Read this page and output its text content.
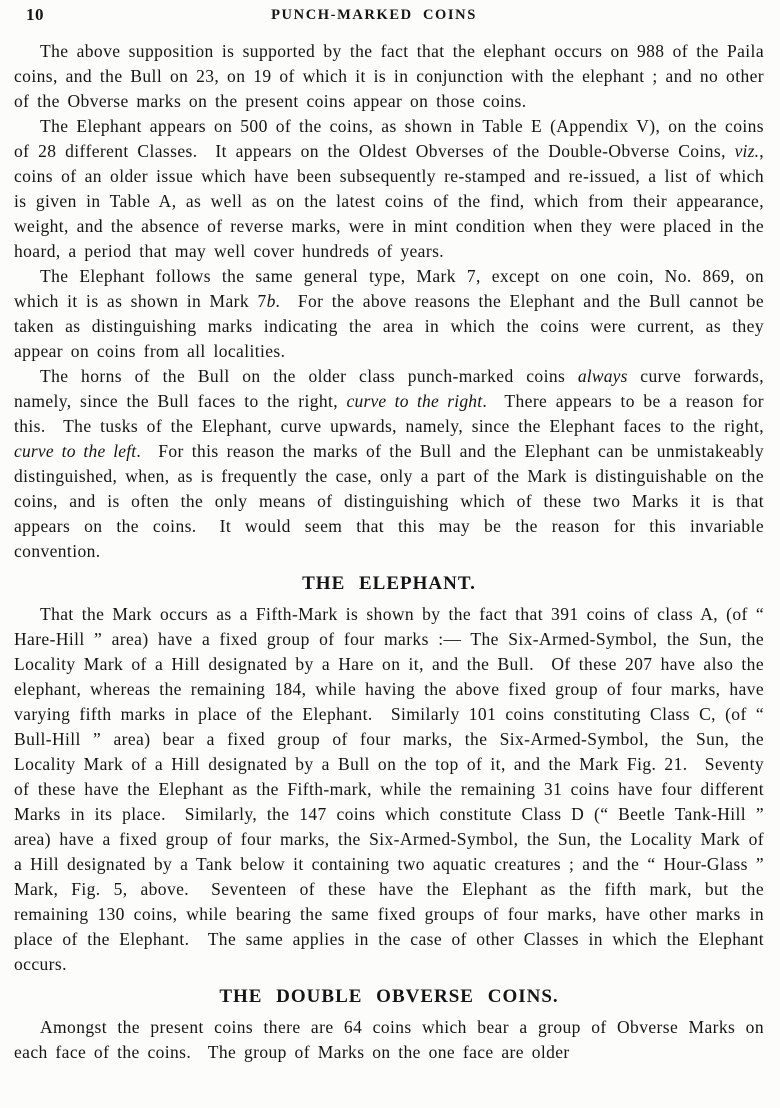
10	PUNCH-MARKED COINS

The above supposition is supported by the fact that the elephant occurs on 988 of the Paila coins, and the Bull on 23, on 19 of which it is in conjunction with the elephant ; and no other of the Obverse marks on the present coins appear on those coins.

The Elephant appears on 500 of the coins, as shown in Table E (Appendix V), on the coins of 28 different Classes.  It appears on the Oldest Obverses of the Double-Obverse Coins, viz., coins of an older issue which have been subsequently re-stamped and re-issued, a list of which is given in Table A, as well as on the latest coins of the find, which from their appearance, weight, and the absence of reverse marks, were in mint condition when they were placed in the hoard, a period that may well cover hundreds of years.

The Elephant follows the same general type, Mark 7, except on one coin, No. 869, on which it is as shown in Mark 7b.  For the above reasons the Elephant and the Bull cannot be taken as distinguishing marks indicating the area in which the coins were current, as they appear on coins from all localities.

The horns of the Bull on the older class punch-marked coins always curve forwards, namely, since the Bull faces to the right, curve to the right.  There appears to be a reason for this.  The tusks of the Elephant, curve upwards, namely, since the Elephant faces to the right, curve to the left.  For this reason the marks of the Bull and the Elephant can be unmistakeably distinguished, when, as is frequently the case, only a part of the Mark is distinguishable on the coins, and is often the only means of distinguishing which of these two Marks it is that appears on the coins.  It would seem that this may be the reason for this invariable convention.

THE ELEPHANT.

That the Mark occurs as a Fifth-Mark is shown by the fact that 391 coins of class A, (of “ Hare-Hill ” area) have a fixed group of four marks :— The Six-Armed-Symbol, the Sun, the Locality Mark of a Hill designated by a Hare on it, and the Bull.  Of these 207 have also the elephant, whereas the remaining 184, while having the above fixed group of four marks, have varying fifth marks in place of the Elephant.  Similarly 101 coins constituting Class C, (of “ Bull-Hill ” area) bear a fixed group of four marks, the Six-Armed-Symbol, the Sun, the Locality Mark of a Hill designated by a Bull on the top of it, and the Mark Fig. 21.  Seventy of these have the Elephant as the Fifth-mark, while the remaining 31 coins have four different Marks in its place.  Similarly, the 147 coins which constitute Class D (“ Beetle Tank-Hill ” area) have a fixed group of four marks, the Six-Armed-Symbol, the Sun, the Locality Mark of a Hill designated by a Tank below it containing two aquatic creatures ; and the “ Hour-Glass ” Mark, Fig. 5, above.  Seventeen of these have the Elephant as the fifth mark, but the remaining 130 coins, while bearing the same fixed groups of four marks, have other marks in place of the Elephant.  The same applies in the case of other Classes in which the Elephant occurs.

THE DOUBLE OBVERSE COINS.

Amongst the present coins there are 64 coins which bear a group of Obverse Marks on each face of the coins.  The group of Marks on the one face are older
